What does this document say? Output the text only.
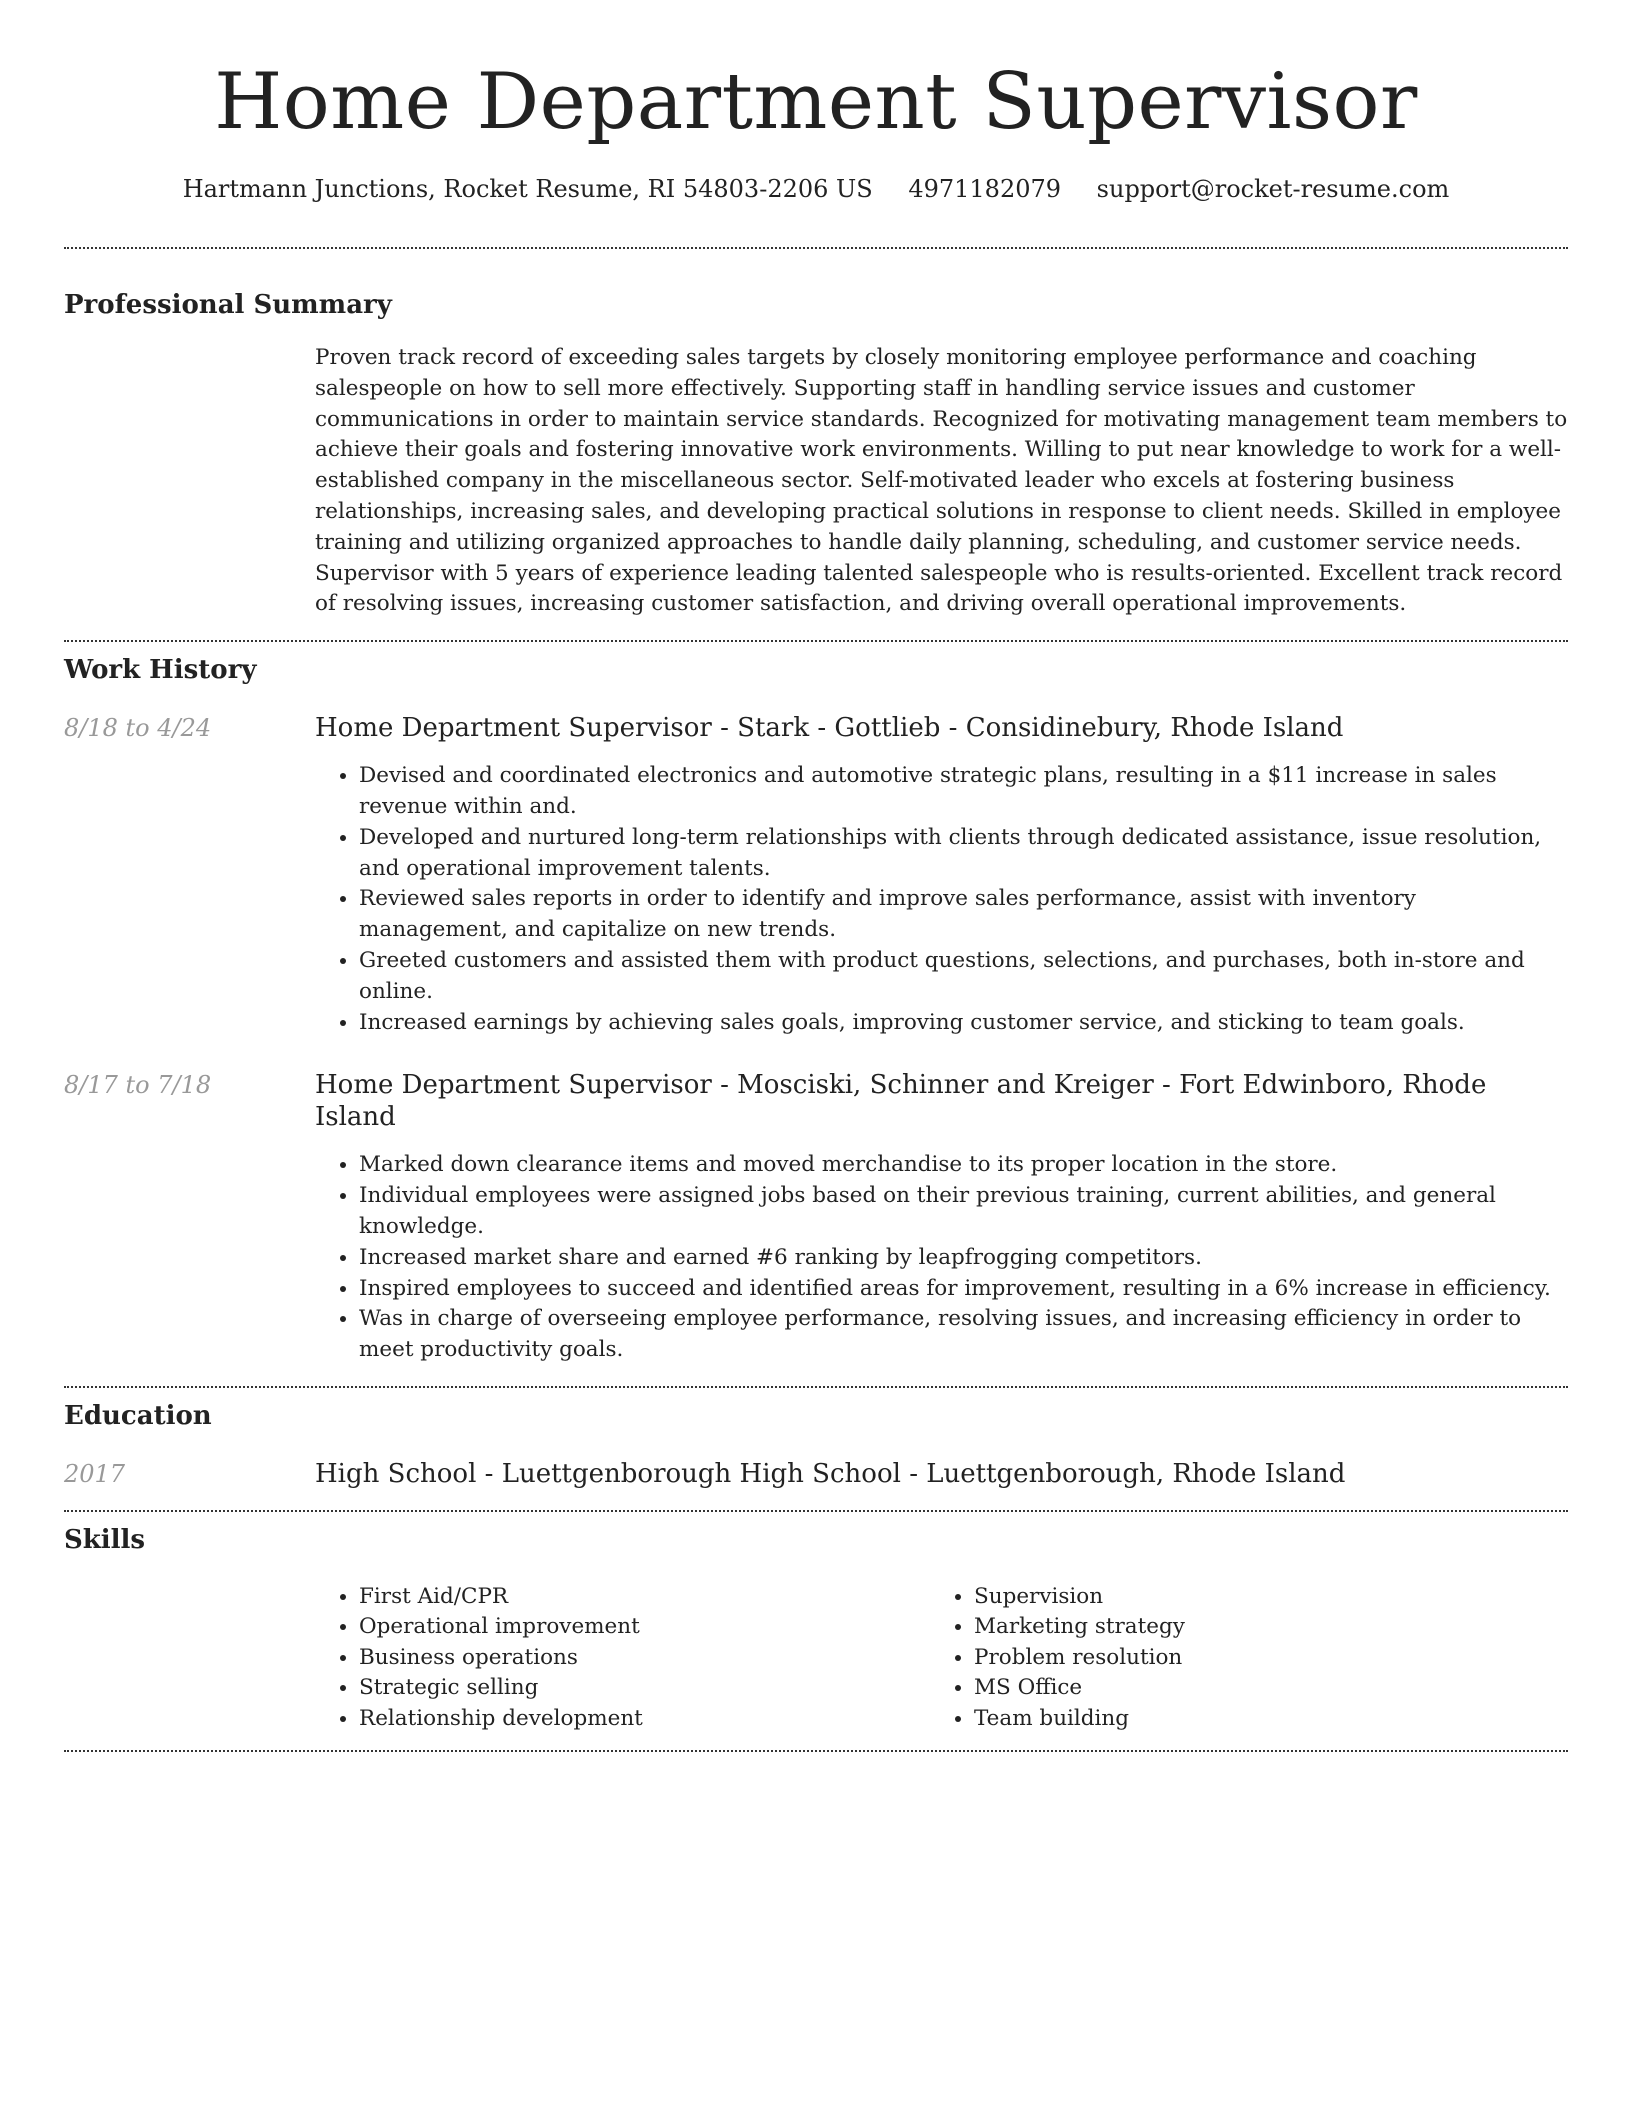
Home Department Supervisor
Hartmann Junctions, Rocket Resume, RI 54803-2206 US 4971182079 support@rocket-resume.com
Professional Summary

Proven track record of exceeding sales targets by closely monitoring employee performance and coaching salespeople on how to sell more effectively. Supporting staff in handling service issues and customer communications in order to maintain service standards. Recognized for motivating management team members to achieve their goals and fostering innovative work environments. Willing to put near knowledge to work for a well-established company in the miscellaneous sector. Self-motivated leader who excels at fostering business relationships, increasing sales, and developing practical solutions in response to client needs. Skilled in employee training and utilizing organized approaches to handle daily planning, scheduling, and customer service needs. Supervisor with 5 years of experience leading talented salespeople who is results-oriented. Excellent track record of resolving issues, increasing customer satisfaction, and driving overall operational improvements.

Work History
8/18 to 4/24	Home Department Supervisor - Stark - Gottlieb - Considinebury, Rhode Island
• Devised and coordinated electronics and automotive strategic plans, resulting in a $11 increase in sales revenue within and.
• Developed and nurtured long-term relationships with clients through dedicated assistance, issue resolution, and operational improvement talents.
• Reviewed sales reports in order to identify and improve sales performance, assist with inventory management, and capitalize on new trends.
• Greeted customers and assisted them with product questions, selections, and purchases, both in-store and online.
• Increased earnings by achieving sales goals, improving customer service, and sticking to team goals.
8/17 to 7/18	Home Department Supervisor - Mosciski, Schinner and Kreiger - Fort Edwinboro, Rhode Island
• Marked down clearance items and moved merchandise to its proper location in the store.
• Individual employees were assigned jobs based on their previous training, current abilities, and general knowledge.
• Increased market share and earned #6 ranking by leapfrogging competitors.
• Inspired employees to succeed and identified areas for improvement, resulting in a 6% increase in efficiency.
• Was in charge of overseeing employee performance, resolving issues, and increasing efficiency in order to meet productivity goals.
Education
2017	High School - Luettgenborough High School - Luettgenborough, Rhode Island
Skills
• First Aid/CPR
• Operational improvement
• Business operations
• Strategic selling
• Relationship development
• Supervision
• Marketing strategy
• Problem resolution
• MS Office
• Team building
